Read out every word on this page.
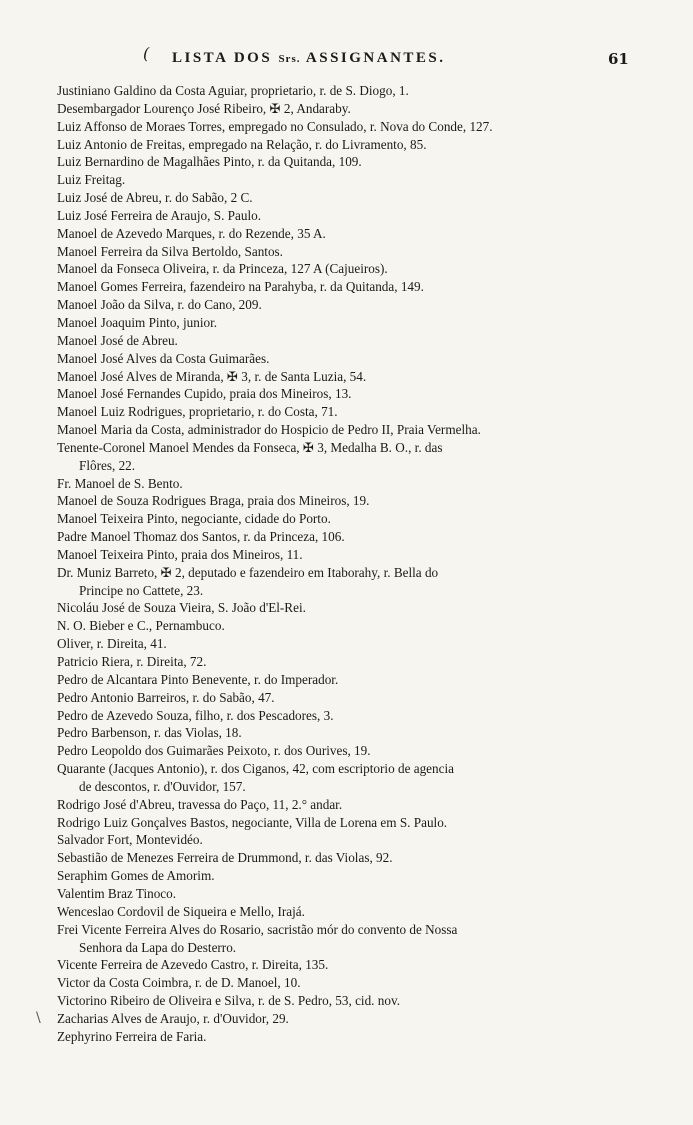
( LISTA DOS Srs. ASSIGNANTES.	61
Justiniano Galdino da Costa Aguiar, proprietario, r. de S. Diogo, 1.
Desembargador Lourenço José Ribeiro, ✠ 2, Andaraby.
Luiz Affonso de Moraes Torres, empregado no Consulado, r. Nova do Conde, 127.
Luiz Antonio de Freitas, empregado na Relação, r. do Livramento, 85.
Luiz Bernardino de Magalhães Pinto, r. da Quitanda, 109.
Luiz Freitag.
Luiz José de Abreu, r. do Sabão, 2 C.
Luiz José Ferreira de Araujo, S. Paulo.
Manoel de Azevedo Marques, r. do Rezende, 35 A.
Manoel Ferreira da Silva Bertoldo, Santos.
Manoel da Fonseca Oliveira, r. da Princeza, 127 A (Cajueiros).
Manoel Gomes Ferreira, fazendeiro na Parahyba, r. da Quitanda, 149.
Manoel João da Silva, r. do Cano, 209.
Manoel Joaquim Pinto, junior.
Manoel José de Abreu.
Manoel José Alves da Costa Guimarães.
Manoel José Alves de Miranda, ✠ 3, r. de Santa Luzia, 54.
Manoel José Fernandes Cupido, praia dos Mineiros, 13.
Manoel Luiz Rodrigues, proprietario, r. do Costa, 71.
Manoel Maria da Costa, administrador do Hospicio de Pedro II, Praia Vermelha.
Tenente-Coronel Manoel Mendes da Fonseca, ✠ 3, Medalha B. O., r. das
Flôres, 22.
Fr. Manoel de S. Bento.
Manoel de Souza Rodrigues Braga, praia dos Mineiros, 19.
Manoel Teixeira Pinto, negociante, cidade do Porto.
Padre Manoel Thomaz dos Santos, r. da Princeza, 106.
Manoel Teixeira Pinto, praia dos Mineiros, 11.
Dr. Muniz Barreto, ✠ 2, deputado e fazendeiro em Itaborahy, r. Bella do
Principe no Cattete, 23.
Nicoláu José de Souza Vieira, S. João d'El-Rei.
N. O. Bieber e C., Pernambuco.
Oliver, r. Direita, 41.
Patricio Riera, r. Direita, 72.
Pedro de Alcantara Pinto Benevente, r. do Imperador.
Pedro Antonio Barreiros, r. do Sabão, 47.
Pedro de Azevedo Souza, filho, r. dos Pescadores, 3.
Pedro Barbenson, r. das Violas, 18.
Pedro Leopoldo dos Guimarães Peixoto, r. dos Ourives, 19.
Quarante (Jacques Antonio), r. dos Ciganos, 42, com escriptorio de agencia
de descontos, r. d'Ouvidor, 157.
Rodrigo José d'Abreu, travessa do Paço, 11, 2.° andar.
Rodrigo Luiz Gonçalves Bastos, negociante, Villa de Lorena em S. Paulo.
Salvador Fort, Montevidéo.
Sebastião de Menezes Ferreira de Drummond, r. das Violas, 92.
Seraphim Gomes de Amorim.
Valentim Braz Tinoco.
Wenceslao Cordovil de Siqueira e Mello, Irajá.
Frei Vicente Ferreira Alves do Rosario, sacristão mór do convento de Nossa
Senhora da Lapa do Desterro.
Vicente Ferreira de Azevedo Castro, r. Direita, 135.
Victor da Costa Coimbra, r. de D. Manoel, 10.
Victorino Ribeiro de Oliveira e Silva, r. de S. Pedro, 53, cid. nov.
Zacharias Alves de Araujo, r. d'Ouvidor, 29.
Zephyrino Ferreira de Faria.
\
